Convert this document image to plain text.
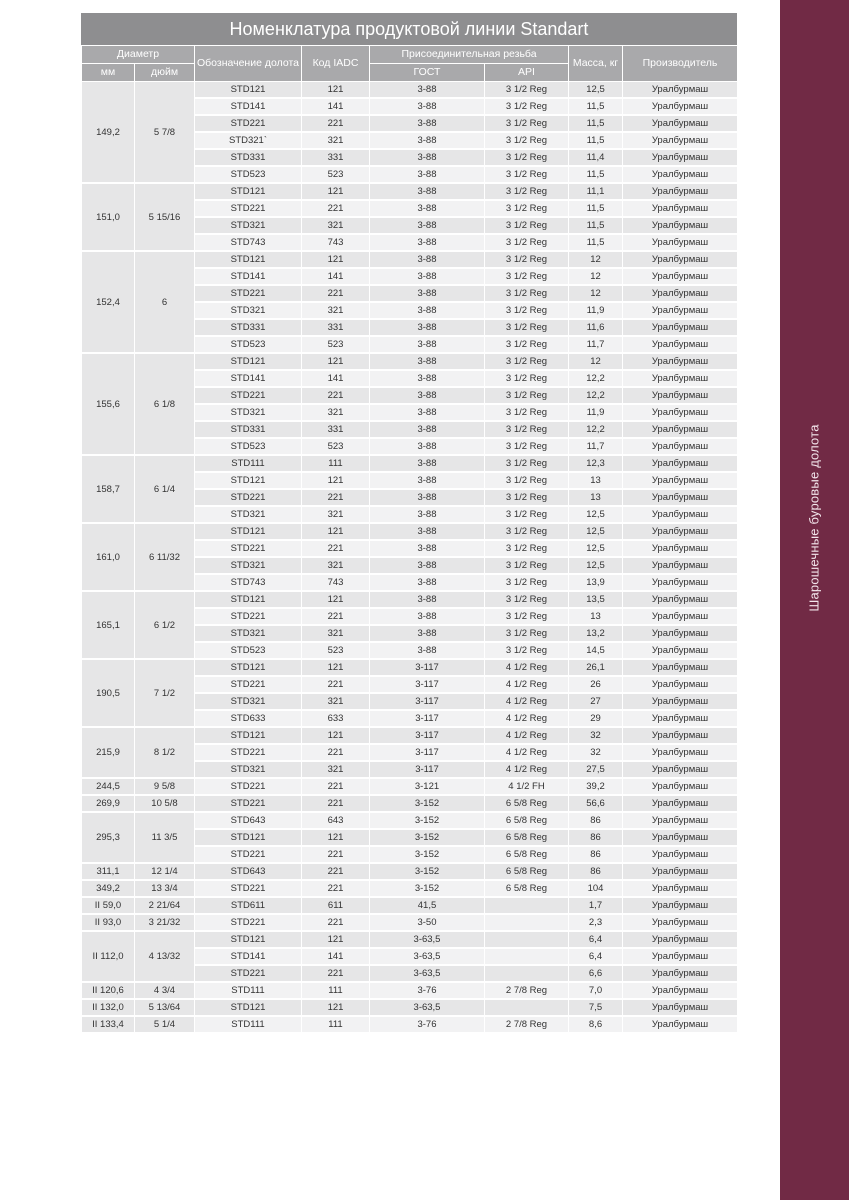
Шарошечные буровые долота
Номенклатура продуктовой линии Standart
Диаметр		Обозначение долота	Код IADC	Присоединительная резьба		Масса, кг	Производитель
мм	дюйм			ГОСТ	API		
149,2	5 7/8	STD121	121	3-88	3 1/2 Reg	12,5	Уралбурмаш
		STD141	141	3-88	3 1/2 Reg	11,5	Уралбурмаш
		STD221	221	3-88	3 1/2 Reg	11,5	Уралбурмаш
		STD321`	321	3-88	3 1/2 Reg	11,5	Уралбурмаш
		STD331	331	3-88	3 1/2 Reg	11,4	Уралбурмаш
		STD523	523	3-88	3 1/2 Reg	11,5	Уралбурмаш
151,0	5 15/16	STD121	121	3-88	3 1/2 Reg	11,1	Уралбурмаш
		STD221	221	3-88	3 1/2 Reg	11,5	Уралбурмаш
		STD321	321	3-88	3 1/2 Reg	11,5	Уралбурмаш
		STD743	743	3-88	3 1/2 Reg	11,5	Уралбурмаш
152,4	6	STD121	121	3-88	3 1/2 Reg	12	Уралбурмаш
		STD141	141	3-88	3 1/2 Reg	12	Уралбурмаш
		STD221	221	3-88	3 1/2 Reg	12	Уралбурмаш
		STD321	321	3-88	3 1/2 Reg	11,9	Уралбурмаш
		STD331	331	3-88	3 1/2 Reg	11,6	Уралбурмаш
		STD523	523	3-88	3 1/2 Reg	11,7	Уралбурмаш
155,6	6 1/8	STD121	121	3-88	3 1/2 Reg	12	Уралбурмаш
		STD141	141	3-88	3 1/2 Reg	12,2	Уралбурмаш
		STD221	221	3-88	3 1/2 Reg	12,2	Уралбурмаш
		STD321	321	3-88	3 1/2 Reg	11,9	Уралбурмаш
		STD331	331	3-88	3 1/2 Reg	12,2	Уралбурмаш
		STD523	523	3-88	3 1/2 Reg	11,7	Уралбурмаш
158,7	6 1/4	STD111	111	3-88	3 1/2 Reg	12,3	Уралбурмаш
		STD121	121	3-88	3 1/2 Reg	13	Уралбурмаш
		STD221	221	3-88	3 1/2 Reg	13	Уралбурмаш
		STD321	321	3-88	3 1/2 Reg	12,5	Уралбурмаш
161,0	6 11/32	STD121	121	3-88	3 1/2 Reg	12,5	Уралбурмаш
		STD221	221	3-88	3 1/2 Reg	12,5	Уралбурмаш
		STD321	321	3-88	3 1/2 Reg	12,5	Уралбурмаш
		STD743	743	3-88	3 1/2 Reg	13,9	Уралбурмаш
165,1	6 1/2	STD121	121	3-88	3 1/2 Reg	13,5	Уралбурмаш
		STD221	221	3-88	3 1/2 Reg	13	Уралбурмаш
		STD321	321	3-88	3 1/2 Reg	13,2	Уралбурмаш
		STD523	523	3-88	3 1/2 Reg	14,5	Уралбурмаш
190,5	7 1/2	STD121	121	3-117	4 1/2 Reg	26,1	Уралбурмаш
		STD221	221	3-117	4 1/2 Reg	26	Уралбурмаш
		STD321	321	3-117	4 1/2 Reg	27	Уралбурмаш
		STD633	633	3-117	4 1/2 Reg	29	Уралбурмаш
215,9	8 1/2	STD121	121	3-117	4 1/2 Reg	32	Уралбурмаш
		STD221	221	3-117	4 1/2 Reg	32	Уралбурмаш
		STD321	321	3-117	4 1/2 Reg	27,5	Уралбурмаш
244,5	9 5/8	STD221	221	3-121	4 1/2 FH	39,2	Уралбурмаш
269,9	10 5/8	STD221	221	3-152	6 5/8 Reg	56,6	Уралбурмаш
295,3	11 3/5	STD643	643	3-152	6 5/8 Reg	86	Уралбурмаш
		STD121	121	3-152	6 5/8 Reg	86	Уралбурмаш
		STD221	221	3-152	6 5/8 Reg	86	Уралбурмаш
311,1	12 1/4	STD643	221	3-152	6 5/8 Reg	86	Уралбурмаш
349,2	13 3/4	STD221	221	3-152	6 5/8 Reg	104	Уралбурмаш
II 59,0	2 21/64	STD611	611	41,5		1,7	Уралбурмаш
II 93,0	3 21/32	STD221	221	3-50		2,3	Уралбурмаш
II 112,0	4 13/32	STD121	121	3-63,5		6,4	Уралбурмаш
		STD141	141	3-63,5		6,4	Уралбурмаш
		STD221	221	3-63,5		6,6	Уралбурмаш
II 120,6	4 3/4	STD111	111	3-76	2 7/8 Reg	7,0	Уралбурмаш
II 132,0	5 13/64	STD121	121	3-63,5		7,5	Уралбурмаш
II 133,4	5 1/4	STD111	111	3-76	2 7/8 Reg	8,6	Уралбурмаш
